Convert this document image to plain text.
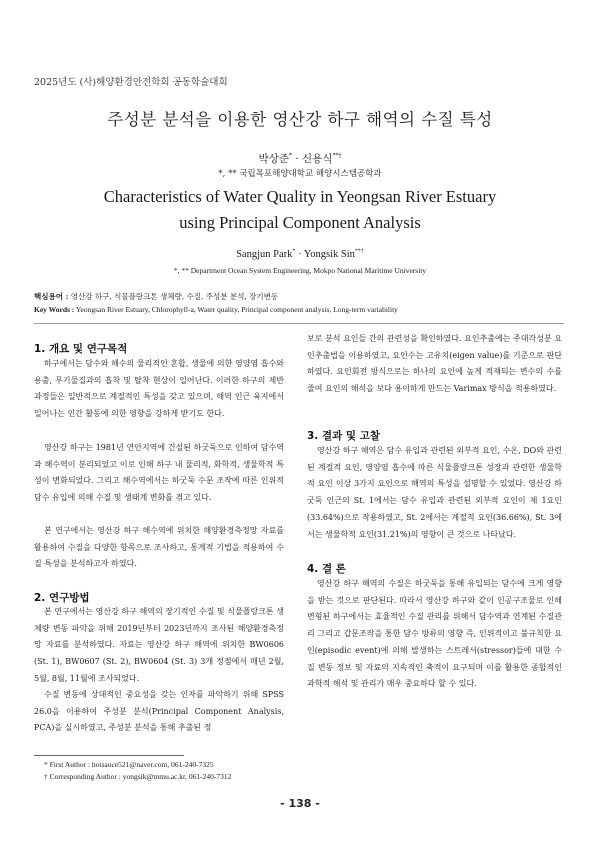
2025년도 (사)해양환경안전학회 공동학술대회
주성분 분석을 이용한 영산강 하구 해역의 수질 특성
박상준* · 신용식**†
*, ** 국립목포해양대학교 해양시스템공학과
Characteristics of Water Quality in Yeongsan River Estuary
using Principal Component Analysis
Sangjun Park* · Yongsik Sin**†
*, ** Department Ocean System Engineering, Mokpo National Maritime University
핵심용어 : 영산강 하구, 식물플랑크톤 생체량, 수질, 주성분 분석, 장기변동
Key Words : Yeongsan River Estuary, Chlorophyll-a, Water quality, Principal component analysis, Long-term variability
1. 개요 및 연구목적

하구에서는 담수와 해수의 물리적인 혼합, 생물에 의한 영양염 흡수와 용출, 무기물질과의 흡착 및 탈착 현상이 일어난다. 이러한 하구의 제반과정들은 일반적으로 계절적인 특성을 갖고 있으며, 해역 인근 육지에서 일어나는 인간 활동에 의한 영향을 강하게 받기도 한다.

영산강 하구는 1981년 연안지역에 건설된 하굿둑으로 인하여 담수역과 해수역이 분리되었고 이로 인해 하구 내 물리적, 화학적, 생물학적 특성이 변화되었다. 그리고 해수역에서는 하굿둑 수문 조작에 따른 인위적 담수 유입에 의해 수질 및 생태계 변화를 겪고 있다.

본 연구에서는 영산강 하구 해수역에 위치한 해양환경측정망 자료를 활용하여 수질을 다양한 항목으로 조사하고, 통계적 기법을 적용하여 수질 특성을 분석하고자 하였다.

2. 연구방법

본 연구에서는 영산강 하구 해역의 장기적인 수질 및 식물플랑크톤 생체량 변동 파악을 위해 2019년부터 2023년까지 조사된 해양환경측정망 자료를 분석하였다. 자료는 영산강 하구 해역에 위치한 BW0606 (St. 1), BW0607 (St. 2), BW0604 (St. 3) 3개 정점에서 매년 2월, 5월, 8월, 11월에 조사되었다.

수질 변동에 상대적인 중요성을 갖는 인자를 파악하기 위해 SPSS 26.0을 이용하여 주성분 분석(Principal Component Analysis, PCA)을 실시하였고, 주성분 분석을 통해 추출된 정

보로 분석 요인들 간의 관련성을 확인하였다. 요인추출에는 주대각성분 요인추출법을 이용하였고, 요인수는 고유치(eigen value)를 기준으로 판단하였다. 요인회전 방식으로는 하나의 요인에 높게 적재되는 변수의 수를 줄여 요인의 해석을 보다 용이하게 만드는 Varimax 방식을 적용하였다.

3. 결과 및 고찰

영산강 하구 해역은 담수 유입과 관련된 외부적 요인, 수온, DO와 관련된 계절적 요인, 영양염 흡수에 따른 식물플랑크톤 성장과 관련한 생물학적 요인 이상 3가지 요인으로 해역의 특성을 설명할 수 있었다. 영산강 하굿둑 인근의 St. 1에서는 담수 유입과 관련된 외부적 요인이 제 1요인(33.64%)으로 작용하였고, St. 2에서는 계절적 요인(36.66%), St. 3에서는 생물학적 요인(31.21%)의 영향이 큰 것으로 나타났다.

4. 결 론

영산강 하구 해역의 수질은 하굿둑을 통해 유입되는 담수에 크게 영향을 받는 것으로 판단된다. 따라서 영산강 하구와 같이 인공구조물로 인해 변형된 하구에서는 효율적인 수질 관리를 위해서 담수역과 연계된 수질관리 그리고 갑문조작을 통한 담수 방류의 영향 즉, 인위적이고 불규칙한 요인(episodic event)에 의해 발생하는 스트레서(stressor)들에 대한 수질 변동 정보 및 자료의 지속적인 축적이 요구되며 이를 활용한 종합적인 과학적 해석 및 관리가 매우 중요하다 할 수 있다.

* First Author : hotsauce521@naver.com, 061-240-7325
† Corresponding Author : yongsik@mmu.ac.kr, 061-240-7312
- 138 -
